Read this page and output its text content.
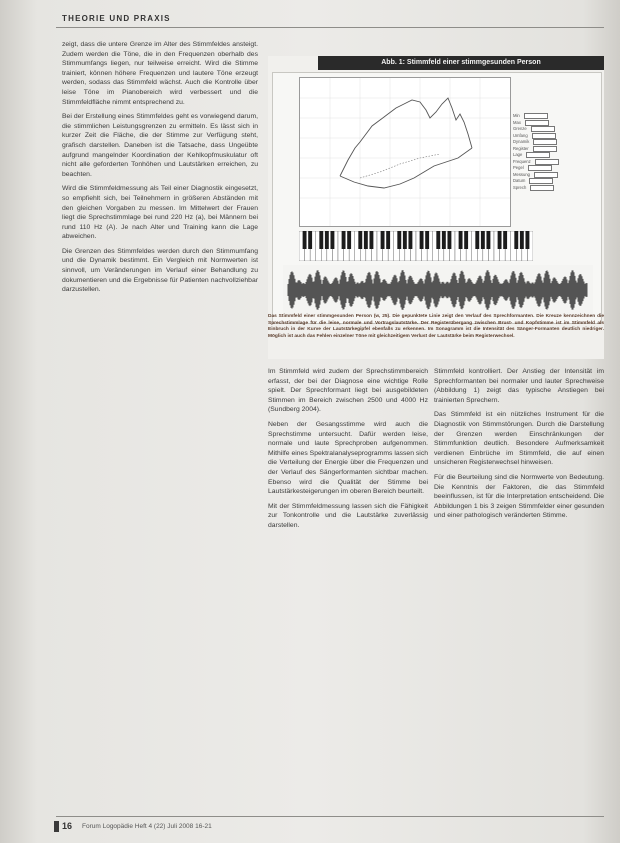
THEORIE UND PRAXIS

zeigt, dass die untere Grenze im Alter des Stimmfeldes ansteigt. Zudem werden die Töne, die in den Frequenzen oberhalb des Stimmumfangs liegen, nur teilweise erreicht. Wird die Stimme trainiert, können höhere Frequenzen und lautere Töne erzeugt werden, sodass das Stimmfeld wächst. Auch die Kontrolle über leise Töne im Pianobereich wird verbessert und die Stimmfeldfläche nimmt entsprechend zu.

Bei der Erstellung eines Stimmfeldes geht es vorwiegend darum, die stimmlichen Leistungsgrenzen zu ermitteln. Es lässt sich in kurzer Zeit die Fläche, die der Stimme zur Verfügung steht, grafisch darstellen. Daneben ist die Tatsache, dass Ungeübte aufgrund mangelnder Koordination der Kehlkopfmuskulatur oft nicht alle geforderten Tonhöhen und Lautstärken erreichen, zu beachten.

Wird die Stimmfeldmessung als Teil einer Diagnostik eingesetzt, so empfiehlt sich, bei Teilnehmern in größeren Abständen mit den gleichen Vorgaben zu messen. Im Mittelwert der Frauen liegt die Sprechstimmlage bei rund 220 Hz (a), bei Männern bei rund 110 Hz (A). Je nach Alter und Training kann die Lage abweichen.

Die Grenzen des Stimmfeldes werden durch den Stimmumfang und die Dynamik bestimmt. Ein Vergleich mit Normwerten ist sinnvoll, um Veränderungen im Verlauf einer Behandlung zu dokumentieren und die Ergebnisse für Patienten nachvollziehbar darzustellen.

Abb. 1: Stimmfeld einer stimmgesunden Person
Min
Max
Grenze
Umfang
Dynamik
Register
Lage
Frequenz
Pegel
Messung
Datum
Sprech
Das Stimmfeld einer stimmgesunden Person (w, 25). Die gepunktete Linie zeigt den Verlauf des Sprechformanten. Die Kreuze kennzeichnen die Sprechstimmlage für die leise, normale und Vortragslautstärke. Der Registerübergang zwischen Brust- und Kopfstimme ist im Stimmfeld als Einbruch in der Kurve der Lautstärkegipfel ebenfalls zu erkennen. Im Sonagramm ist die Intensität des Sänger-Formanten deutlich niedriger. Möglich ist auch das Fehlen einzelner Töne mit gleichzeitigem Verlust der Lautstärke beim Registerwechsel.

Im Stimmfeld wird zudem der Sprechstimmbereich erfasst, der bei der Diagnose eine wichtige Rolle spielt. Der Sprechformant liegt bei ausgebildeten Stimmen im Bereich zwischen 2500 und 4000 Hz (Sundberg 2004).

Neben der Gesangsstimme wird auch die Sprechstimme untersucht. Dafür werden leise, normale und laute Sprechproben aufgenommen. Mithilfe eines Spektralanalyseprogramms lassen sich die Verteilung der Energie über die Frequenzen und der Verlauf des Sängerformanten sichtbar machen. Ebenso wird die Qualität der Stimme bei Lautstärkesteigerungen im oberen Bereich beurteilt.

Mit der Stimmfeldmessung lassen sich die Fähigkeit zur Tonkontrolle und die Lautstärke zuverlässig darstellen.

Stimmfeld kontrolliert. Der Anstieg der Intensität im Sprechformanten bei normaler und lauter Sprechweise (Abbildung 1) zeigt das typische Anstiegen bei trainierten Sprechern.

Das Stimmfeld ist ein nützliches Instrument für die Diagnostik von Stimmstörungen. Durch die Darstellung der Grenzen werden Einschränkungen der Stimmfunktion deutlich. Besondere Aufmerksamkeit verdienen Einbrüche im Stimmfeld, die auf einen unsicheren Registerwechsel hinweisen.

Für die Beurteilung sind die Normwerte von Bedeutung. Die Kenntnis der Faktoren, die das Stimmfeld beeinflussen, ist für die Interpretation entscheidend. Die Abbildungen 1 bis 3 zeigen Stimmfelder einer gesunden und einer pathologisch veränderten Stimme.

16 Forum Logopädie Heft 4 (22) Juli 2008 16-21
